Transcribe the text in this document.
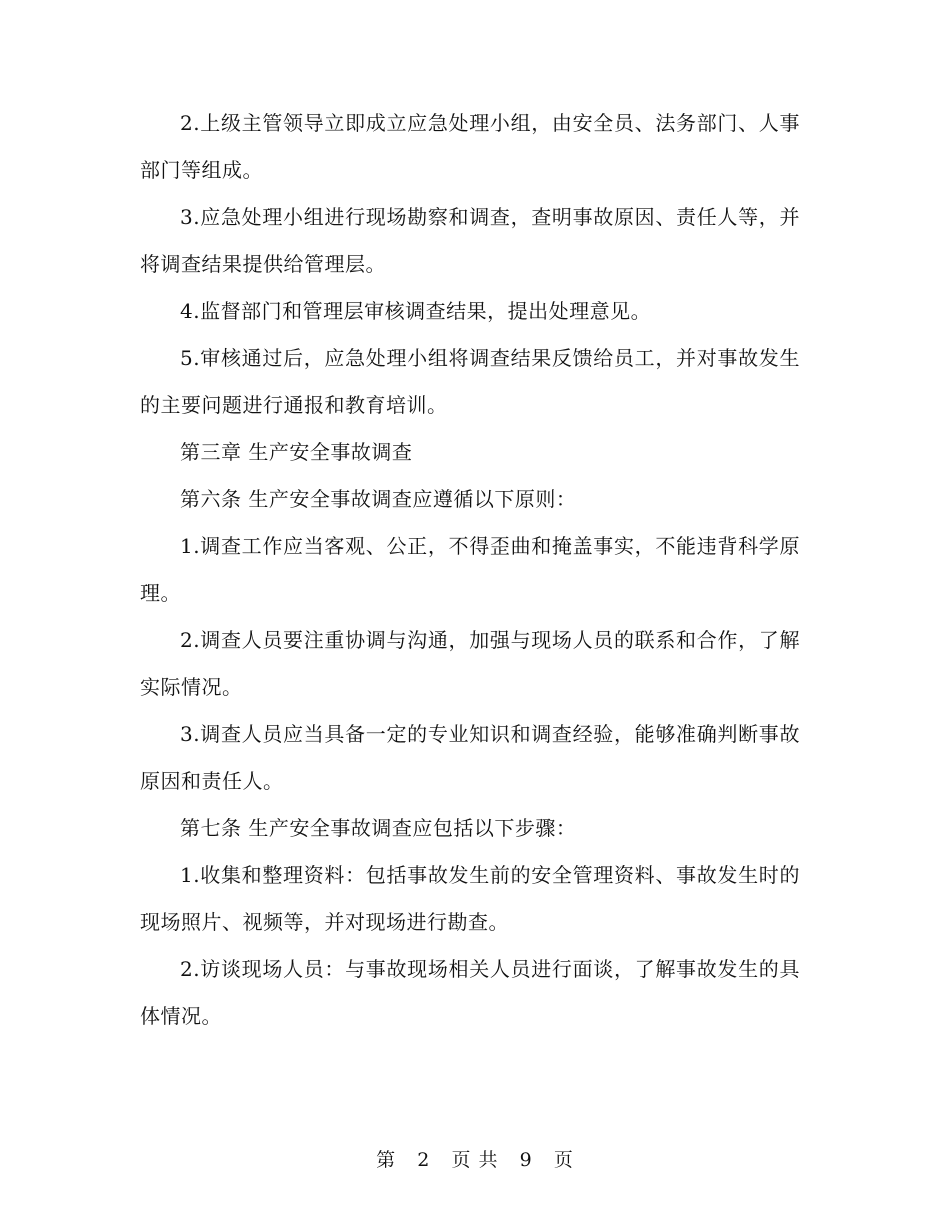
2.上级主管领导立即成立应急处理小组，由安全员、法务部门、人事部门等组成。

3.应急处理小组进行现场勘察和调查，查明事故原因、责任人等，并将调查结果提供给管理层。

4.监督部门和管理层审核调查结果，提出处理意见。

5.审核通过后，应急处理小组将调查结果反馈给员工，并对事故发生的主要问题进行通报和教育培训。

第三章 生产安全事故调查

第六条 生产安全事故调查应遵循以下原则：

1.调查工作应当客观、公正，不得歪曲和掩盖事实，不能违背科学原理。

2.调查人员要注重协调与沟通，加强与现场人员的联系和合作，了解实际情况。

3.调查人员应当具备一定的专业知识和调查经验，能够准确判断事故原因和责任人。

第七条 生产安全事故调查应包括以下步骤：

1.收集和整理资料：包括事故发生前的安全管理资料、事故发生时的现场照片、视频等，并对现场进行勘查。

2.访谈现场人员：与事故现场相关人员进行面谈，了解事故发生的具体情况。

第 2 页 共 9 页
